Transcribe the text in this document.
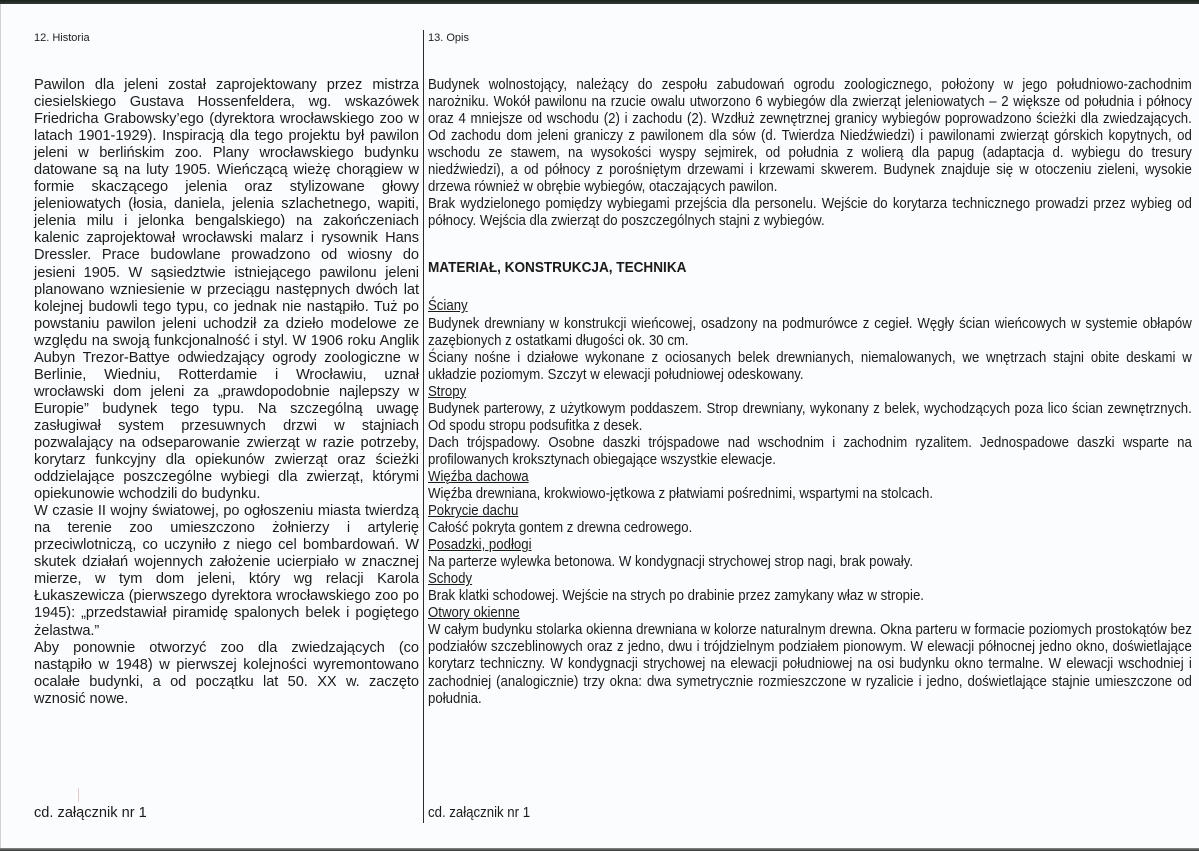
12. Historia	13. Opis

Pawilon dla jeleni został zaprojektowany przez mistrza ciesielskiego Gustava Hossenfeldera, wg. wskazówek Friedricha Grabowsky’ego (dyrektora wrocławskiego zoo w latach 1901-1929). Inspiracją dla tego projektu był pawilon jeleni w berlińskim zoo. Plany wrocławskiego budynku datowane są na luty 1905. Wieńczącą wieżę chorągiew w formie skaczącego jelenia oraz stylizowane głowy jeleniowatych (łosia, daniela, jelenia szlachetnego, wapiti, jelenia milu i jelonka bengalskiego) na zakończeniach kalenic zaprojektował wrocławski malarz i rysownik Hans Dressler. Prace budowlane prowadzono od wiosny do jesieni 1905. W sąsiedztwie istniejącego pawilonu jeleni planowano wzniesienie w przeciągu następnych dwóch lat kolejnej budowli tego typu, co jednak nie nastąpiło. Tuż po powstaniu pawilon jeleni uchodził za dzieło modelowe ze względu na swoją funkcjonalność i styl. W 1906 roku Anglik Aubyn Trezor-Battye odwiedzający ogrody zoologiczne w Berlinie, Wiedniu, Rotterdamie i Wrocławiu, uznał wrocławski dom jeleni za „prawdopodobnie najlepszy w Europie” budynek tego typu. Na szczególną uwagę zasługiwał system przesuwnych drzwi w stajniach pozwalający na odseparowanie zwierząt w razie potrzeby, korytarz funkcyjny dla opiekunów zwierząt oraz ścieżki oddzielające poszczególne wybiegi dla zwierząt, którymi opiekunowie wchodzili do budynku.

W czasie II wojny światowej, po ogłoszeniu miasta twierdzą na terenie zoo umieszczono żołnierzy i artylerię przeciwlotniczą, co uczyniło z niego cel bombardowań. W skutek działań wojennych założenie ucierpiało w znacznej mierze, w tym dom jeleni, który wg relacji Karola Łukaszewicza (pierwszego dyrektora wrocławskiego zoo po 1945): „przedstawiał piramidę spalonych belek i pogiętego żelastwa.”

Aby ponownie otworzyć zoo dla zwiedzających (co nastąpiło w 1948) w pierwszej kolejności wyremontowano ocalałe budynki, a od początku lat 50. XX w. zaczęto wznosić nowe.

Budynek wolnostojący, należący do zespołu zabudowań ogrodu zoologicznego, położony w jego południowo-zachodnim narożniku. Wokół pawilonu na rzucie owalu utworzono 6 wybiegów dla zwierząt jeleniowatych – 2 większe od południa i północy oraz 4 mniejsze od wschodu (2) i zachodu (2). Wzdłuż zewnętrznej granicy wybiegów poprowadzono ścieżki dla zwiedzających. Od zachodu dom jeleni graniczy z pawilonem dla sów (d. Twierdza Niedźwiedzi) i pawilonami zwierząt górskich kopytnych, od wschodu ze stawem, na wysokości wyspy sejmirek, od południa z wolierą dla papug (adaptacja d. wybiegu do tresury niedźwiedzi), a od północy z porośniętym drzewami i krzewami skwerem. Budynek znajduje się w otoczeniu zieleni, wysokie drzewa również w obrębie wybiegów, otaczających pawilon.

Brak wydzielonego pomiędzy wybiegami przejścia dla personelu. Wejście do korytarza technicznego prowadzi przez wybieg od północy. Wejścia dla zwierząt do poszczególnych stajni z wybiegów.

MATERIAŁ, KONSTRUKCJA, TECHNIKA

Ściany

Budynek drewniany w konstrukcji wieńcowej, osadzony na podmurówce z cegieł. Węgły ścian wieńcowych w systemie obłapów zazębionych z ostatkami długości ok. 30 cm.

Ściany nośne i działowe wykonane z ociosanych belek drewnianych, niemalowanych, we wnętrzach stajni obite deskami w układzie poziomym. Szczyt w elewacji południowej odeskowany.

Stropy

Budynek parterowy, z użytkowym poddaszem. Strop drewniany, wykonany z belek, wychodzących poza lico ścian zewnętrznych. Od spodu stropu podsufitka z desek.

Dach trójspadowy. Osobne daszki trójspadowe nad wschodnim i zachodnim ryzalitem. Jednospadowe daszki wsparte na profilowanych kroksztynach obiegające wszystkie elewacje.

Więźba dachowa

Więźba drewniana, krokwiowo-jętkowa z płatwiami pośrednimi, wspartymi na stolcach.

Pokrycie dachu

Całość pokryta gontem z drewna cedrowego.

Posadzki, podłogi

Na parterze wylewka betonowa. W kondygnacji strychowej strop nagi, brak powały.

Schody

Brak klatki schodowej. Wejście na strych po drabinie przez zamykany właz w stropie.

Otwory okienne

W całym budynku stolarka okienna drewniana w kolorze naturalnym drewna. Okna parteru w formacie poziomych prostokątów bez podziałów szczeblinowych oraz z jedno, dwu i trójdzielnym podziałem pionowym. W elewacji północnej jedno okno, doświetlające korytarz techniczny. W kondygnacji strychowej na elewacji południowej na osi budynku okno termalne. W elewacji wschodniej i zachodniej (analogicznie) trzy okna: dwa symetrycznie rozmieszczone w ryzalicie i jedno, doświetlające stajnie umieszczone od południa.

cd. załącznik nr 1	cd. załącznik nr 1
